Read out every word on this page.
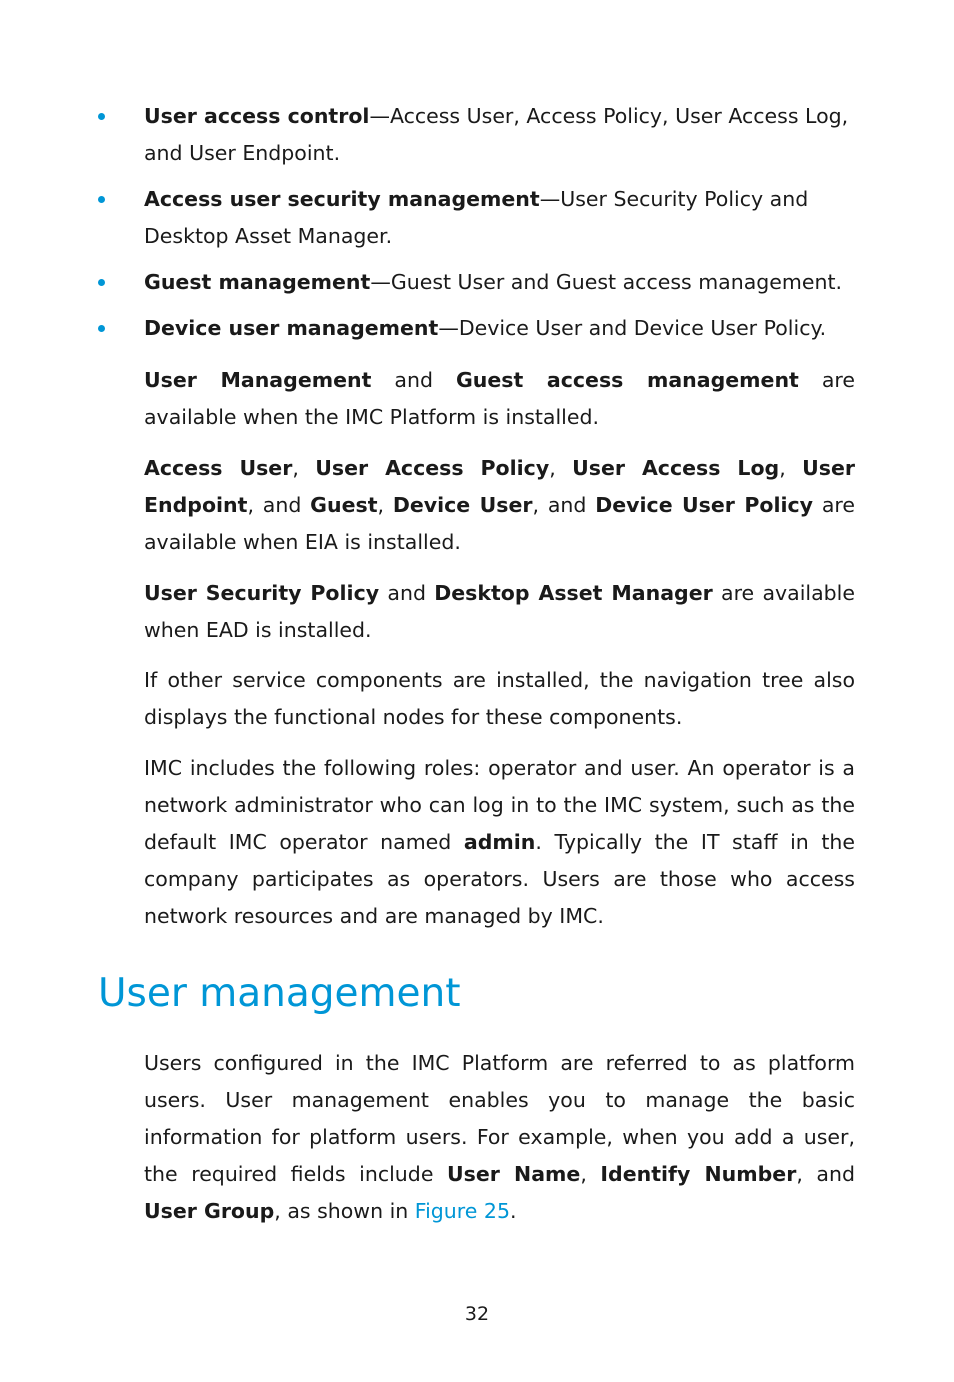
User access control—Access User, Access Policy, User Access Log, and User Endpoint.
Access user security management—User Security Policy and Desktop Asset Manager.
Guest management—Guest User and Guest access management.
Device user management—Device User and Device User Policy.

User Management and Guest access management are available when the IMC Platform is installed.

Access User, User Access Policy, User Access Log, User Endpoint, and Guest, Device User, and Device User Policy are available when EIA is installed.

User Security Policy and Desktop Asset Manager are available when EAD is installed.

If other service components are installed, the navigation tree also displays the functional nodes for these components.

IMC includes the following roles: operator and user. An operator is a network administrator who can log in to the IMC system, such as the default IMC operator named admin. Typically the IT staff in the company participates as operators. Users are those who access network resources and are managed by IMC.

User management

Users configured in the IMC Platform are referred to as platform users. User management enables you to manage the basic information for platform users. For example, when you add a user, the required fields include User Name, Identify Number, and User Group, as shown in Figure 25.

32
